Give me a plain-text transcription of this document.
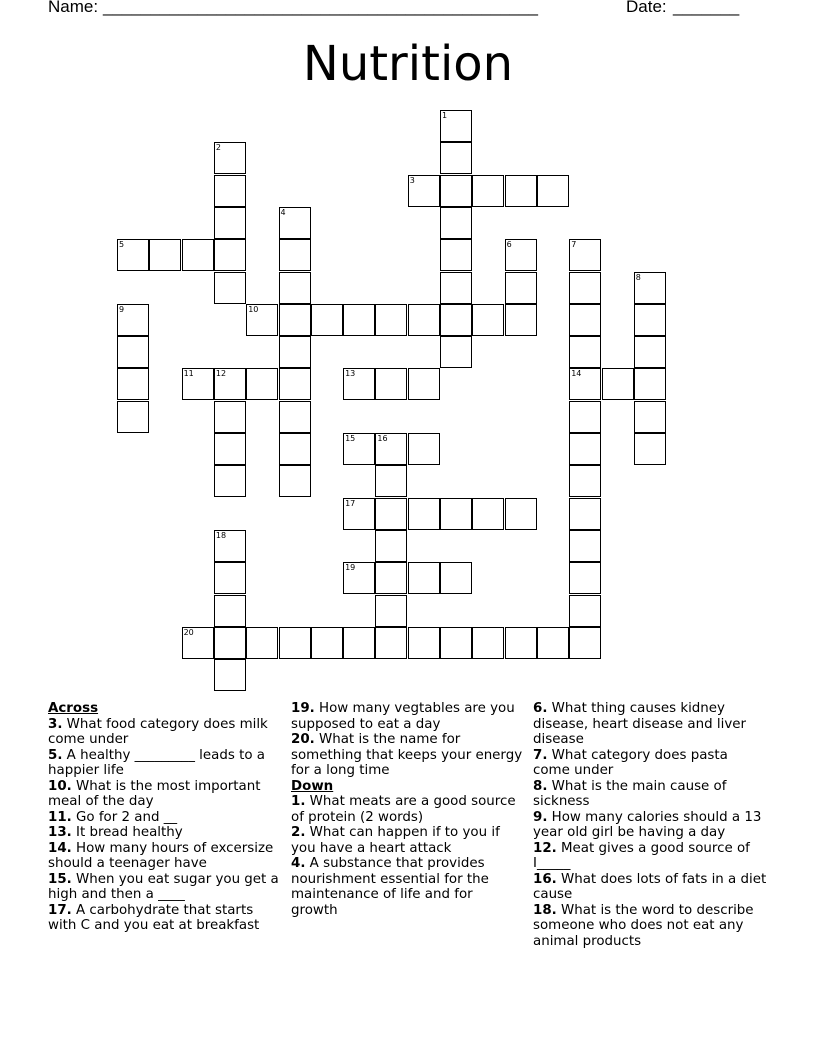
Name: ______________________________________________	Date: _______
Nutrition
1
2
4
6	7
14
8
9
12
16
18
3
5
10
11	13
15
17
19
20
Across
3. What food category does milk come under
5. A healthy _________ leads to a happier life
10. What is the most important meal of the day
11. Go for 2 and __
13. It bread healthy
14. How many hours of excersize should a teenager have
15. When you eat sugar you get a high and then a ____
17. A carbohydrate that starts with C and you eat at breakfast
19. How many vegtables are you supposed to eat a day
20. What is the name for something that keeps your energy for a long time
Down
1. What meats are a good source of protein (2 words)
2. What can happen if to you if you have a heart attack
4. A substance that provides nourishment essential for the maintenance of life and for growth
6. What thing causes kidney disease, heart disease and liver disease
7. What category does pasta come under
8. What is the main cause of sickness
9. How many calories should a 13 year old girl be having a day
12. Meat gives a good source of I_____
16. What does lots of fats in a diet cause
18. What is the word to describe someone who does not eat any animal products
